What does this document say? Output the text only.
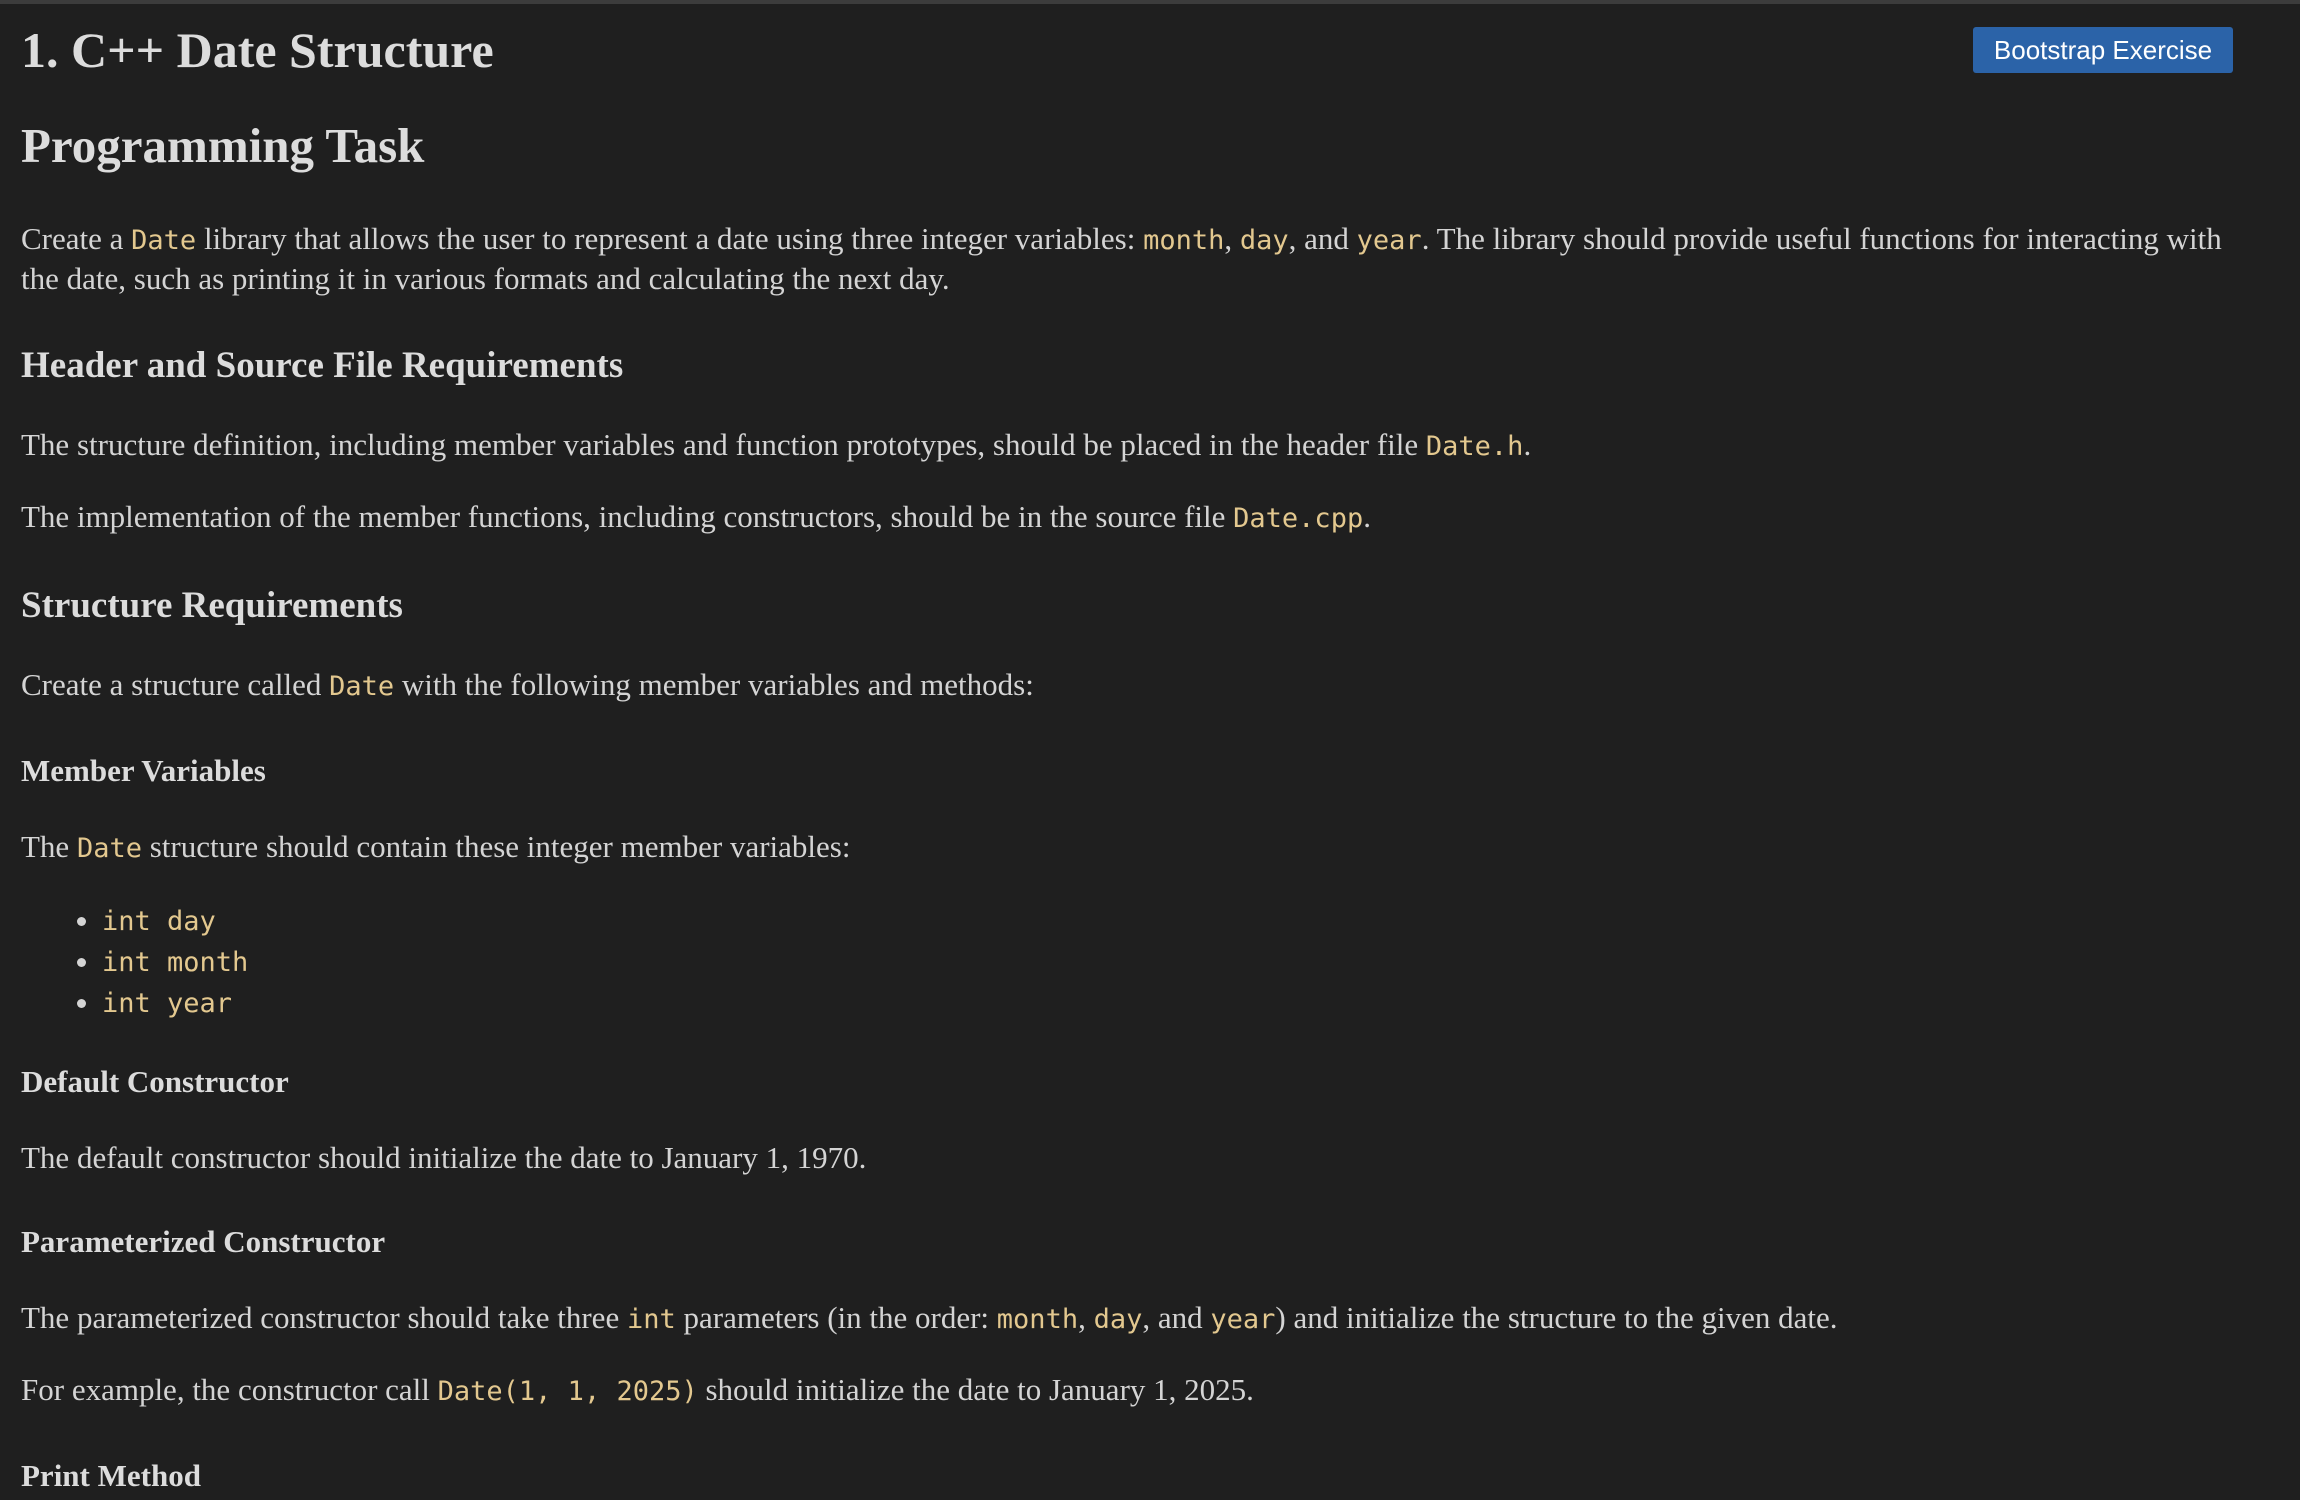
1. C++ Date Structure	Bootstrap Exercise
Programming Task

Create a Date library that allows the user to represent a date using three integer variables: month, day, and year. The library should provide useful functions for interacting with the date, such as printing it in various formats and calculating the next day.

Header and Source File Requirements

The structure definition, including member variables and function prototypes, should be placed in the header file Date.h.

The implementation of the member functions, including constructors, should be in the source file Date.cpp.

Structure Requirements

Create a structure called Date with the following member variables and methods:

Member Variables

The Date structure should contain these integer member variables:

• int day
• int month
• int year
Default Constructor

The default constructor should initialize the date to January 1, 1970.

Parameterized Constructor

The parameterized constructor should take three int parameters (in the order: month, day, and year) and initialize the structure to the given date.

For example, the constructor call Date(1, 1, 2025) should initialize the date to January 1, 2025.

Print Method
